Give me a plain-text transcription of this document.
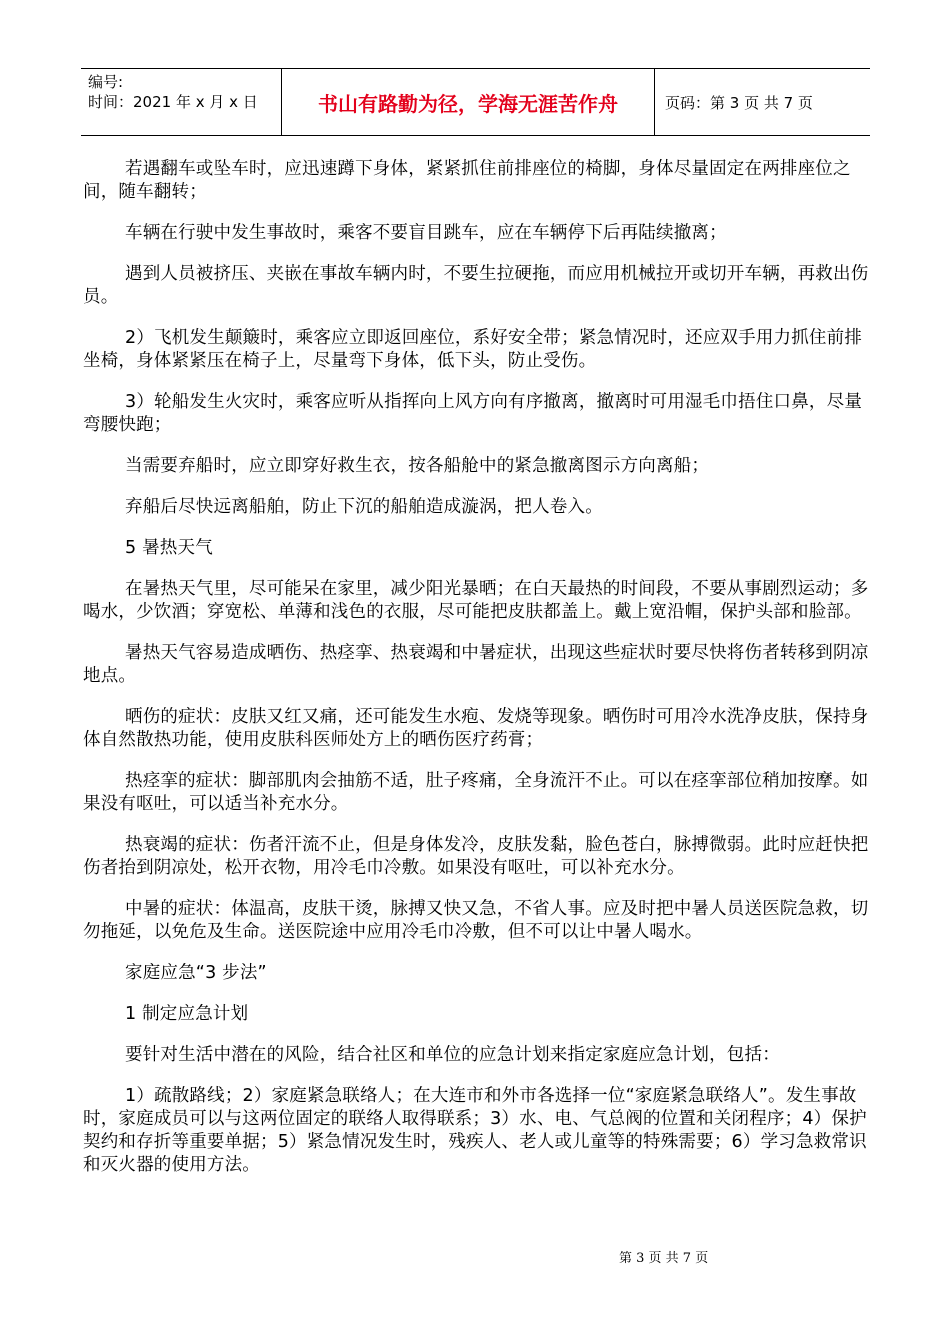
编号:
时间：2021 年 x 月 x 日	书山有路勤为径，学海无涯苦作舟	页码：第 3 页 共 7 页

若遇翻车或坠车时，应迅速蹲下身体，紧紧抓住前排座位的椅脚，身体尽量固定在两排座位之间，随车翻转；

车辆在行驶中发生事故时，乘客不要盲目跳车，应在车辆停下后再陆续撤离；

遇到人员被挤压、夹嵌在事故车辆内时，不要生拉硬拖，而应用机械拉开或切开车辆，再救出伤员。

2）飞机发生颠簸时，乘客应立即返回座位，系好安全带；紧急情况时，还应双手用力抓住前排坐椅，身体紧紧压在椅子上，尽量弯下身体，低下头，防止受伤。

3）轮船发生火灾时，乘客应听从指挥向上风方向有序撤离，撤离时可用湿毛巾捂住口鼻，尽量弯腰快跑；

当需要弃船时，应立即穿好救生衣，按各船舱中的紧急撤离图示方向离船；

弃船后尽快远离船舶，防止下沉的船舶造成漩涡，把人卷入。

5 暑热天气

在暑热天气里，尽可能呆在家里，减少阳光暴晒；在白天最热的时间段，不要从事剧烈运动；多喝水，少饮酒；穿宽松、单薄和浅色的衣服，尽可能把皮肤都盖上。戴上宽沿帽，保护头部和脸部。

暑热天气容易造成晒伤、热痉挛、热衰竭和中暑症状，出现这些症状时要尽快将伤者转移到阴凉地点。

晒伤的症状：皮肤又红又痛，还可能发生水疱、发烧等现象。晒伤时可用冷水洗净皮肤，保持身体自然散热功能，使用皮肤科医师处方上的晒伤医疗药膏；

热痉挛的症状：脚部肌肉会抽筋不适，肚子疼痛，全身流汗不止。可以在痉挛部位稍加按摩。如果没有呕吐，可以适当补充水分。

热衰竭的症状：伤者汗流不止，但是身体发冷，皮肤发黏，脸色苍白，脉搏微弱。此时应赶快把伤者抬到阴凉处，松开衣物，用冷毛巾冷敷。如果没有呕吐，可以补充水分。

中暑的症状：体温高，皮肤干烫，脉搏又快又急，不省人事。应及时把中暑人员送医院急救，切勿拖延，以免危及生命。送医院途中应用冷毛巾冷敷，但不可以让中暑人喝水。

家庭应急“3 步法”

1 制定应急计划

要针对生活中潜在的风险，结合社区和单位的应急计划来指定家庭应急计划，包括：

1）疏散路线；2）家庭紧急联络人；在大连市和外市各选择一位“家庭紧急联络人”。发生事故时，家庭成员可以与这两位固定的联络人取得联系；3）水、电、气总阀的位置和关闭程序；4）保护契约和存折等重要单据；5）紧急情况发生时，残疾人、老人或儿童等的特殊需要；6）学习急救常识和灭火器的使用方法。

第 3 页 共 7 页
